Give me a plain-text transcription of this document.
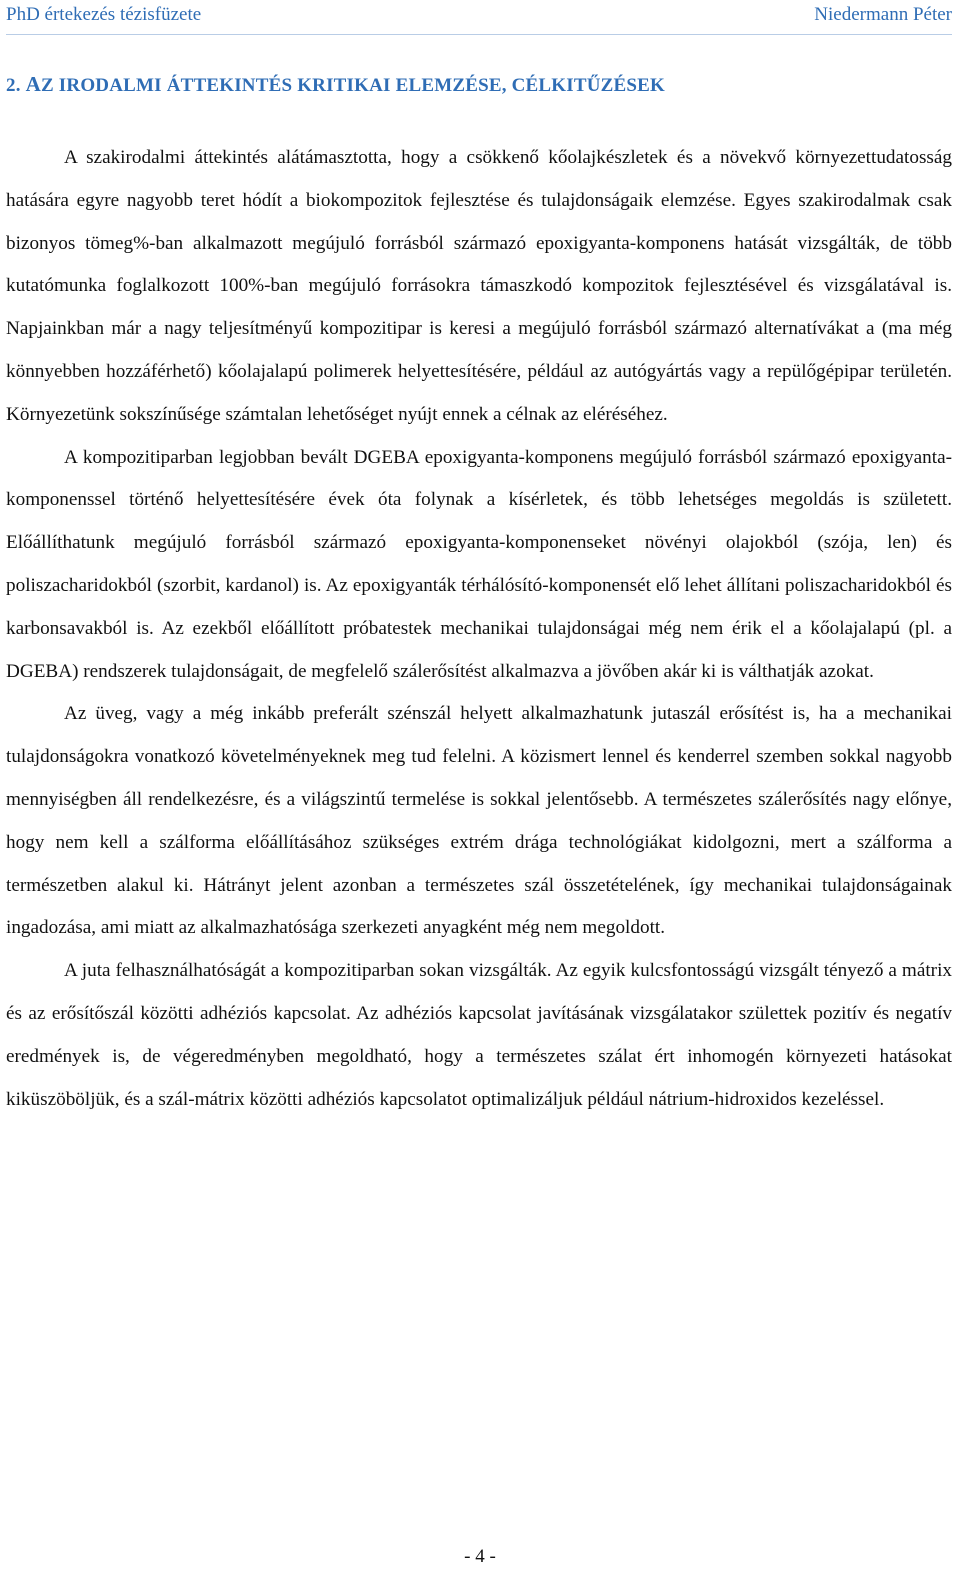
PhD értekezés tézisfüzete	Niedermann Péter
2. AZ IRODALMI ÁTTEKINTÉS KRITIKAI ELEMZÉSE, CÉLKITŰZÉSEK

A szakirodalmi áttekintés alátámasztotta, hogy a csökkenő kőolajkészletek és a növekvő környezettudatosság hatására egyre nagyobb teret hódít a biokompozitok fejlesztése és tulajdonságaik elemzése. Egyes szakirodalmak csak bizonyos tömeg%-ban alkalmazott megújuló forrásból származó epoxigyanta-komponens hatását vizsgálták, de több kutatómunka foglalkozott 100%-ban megújuló forrásokra támaszkodó kompozitok fejlesztésével és vizsgálatával is. Napjainkban már a nagy teljesítményű kompozitipar is keresi a megújuló forrásból származó alternatívákat a (ma még könnyebben hozzáférhető) kőolajalapú polimerek helyettesítésére, például az autógyártás vagy a repülőgépipar területén. Környezetünk sokszínűsége számtalan lehetőséget nyújt ennek a célnak az eléréséhez.

A kompozitiparban legjobban bevált DGEBA epoxigyanta-komponens megújuló forrásból származó epoxigyanta-komponenssel történő helyettesítésére évek óta folynak a kísérletek, és több lehetséges megoldás is született. Előállíthatunk megújuló forrásból származó epoxigyanta-komponenseket növényi olajokból (szója, len) és poliszacharidokból (szorbit, kardanol) is. Az epoxigyanták térhálósító-komponensét elő lehet állítani poliszacharidokból és karbonsavakból is. Az ezekből előállított próbatestek mechanikai tulajdonságai még nem érik el a kőolajalapú (pl. a DGEBA) rendszerek tulajdonságait, de megfelelő szálerősítést alkalmazva a jövőben akár ki is válthatják azokat.

Az üveg, vagy a még inkább preferált szénszál helyett alkalmazhatunk jutaszál erősítést is, ha a mechanikai tulajdonságokra vonatkozó követelményeknek meg tud felelni. A közismert lennel és kenderrel szemben sokkal nagyobb mennyiségben áll rendelkezésre, és a világszintű termelése is sokkal jelentősebb. A természetes szálerősítés nagy előnye, hogy nem kell a szálforma előállításához szükséges extrém drága technológiákat kidolgozni, mert a szálforma a természetben alakul ki. Hátrányt jelent azonban a természetes szál összetételének, így mechanikai tulajdonságainak ingadozása, ami miatt az alkalmazhatósága szerkezeti anyagként még nem megoldott.

A juta felhasználhatóságát a kompozitiparban sokan vizsgálták. Az egyik kulcsfontosságú vizsgált tényező a mátrix és az erősítőszál közötti adhéziós kapcsolat. Az adhéziós kapcsolat javításának vizsgálatakor születtek pozitív és negatív eredmények is, de végeredményben megoldható, hogy a természetes szálat ért inhomogén környezeti hatásokat kiküszöböljük, és a szál-mátrix közötti adhéziós kapcsolatot optimalizáljuk például nátrium-hidroxidos kezeléssel.

- 4 -
